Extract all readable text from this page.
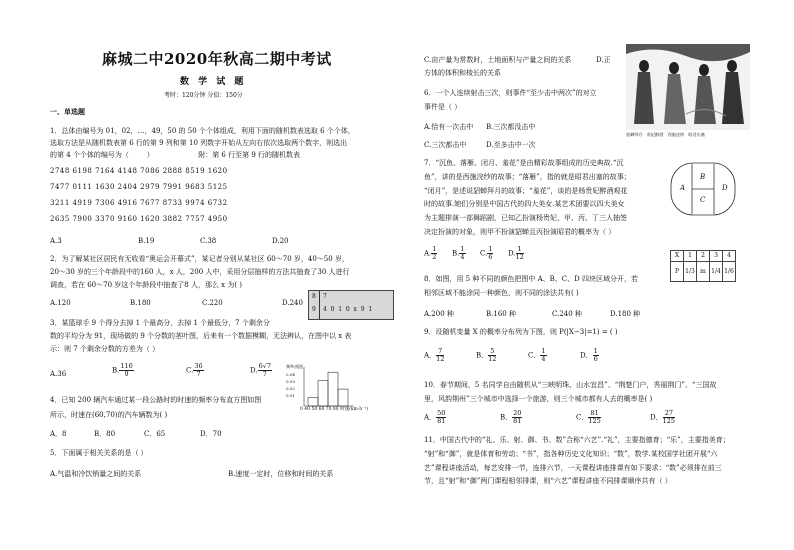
麻城二中2020年秋高二期中考试
数 学 试 题
考时：120分钟 分值：150分
一、单选题
1．总体由编号为 01，02，…，49，50 的 50 个个体组成，利用下面的随机数表选取 6 个个体，
选取方法是从随机数表第 6 行的第 9 列和第 10 列数字开始从左向右依次选取两个数字，则选出
的第 4 个个体的编号为（        ）                    附：第 6 行至第 9 行的随机数表
2748 6198 7164 4148 7086 2888 8519 1620
7477 0111 1630 2404 2979 7991 9683 5125
3211 4919 7306 4916 7677 8733 9974 6732
2635 7900 3370 9160 1620 3882 7757 4950
A.3	B.19	C.38	D.20
2．为了解某社区居民有无收看“奥运会开幕式”，某记者分别从某社区 60～70 岁，40～50 岁，
20～30 岁的三个年龄段中的160 人，x 人，200 人中，采用分层抽样的方法共抽查了30 人进行
调查，若在 60～70 岁这个年龄段中抽查了8 人，那么 x 为( )
A.120	B.180	C.220	D.240
8 7
9 4  0  1  0  x  9  1
3．某篮球手 9 个得分去掉 1 个最高分，去掉 1 个最低分，7 个剩余分
数的平均分为 91，现场做的 9 个分数的茎叶图，后来有一个数据模糊，无法辨认，在图中以 x 表
示：则 7 个剩余分数的方差为（ ）
A.36	B. $\frac{116}{9}$	C. $\frac{36}{7}$	D. $\frac{6√7}{7}$	频率/组距
0.04
0.03
0.02
0.01
0 40 50 60 70 80 时速(km·h⁻¹)
4．已知 200 辆汽车通过某一段公路时的时速的频率分布直方图如图
所示，时速在(60,70)的汽车辆数为( )
A．8	B．80	C．65	D．70
5．下面属于相关关系的是（ ）
A.气温和冷饮销量之间的关系	B.速度一定时，位移和时间的关系
C.亩产量为常数时，土地面积与产量之间的关系	D.正
方体的体积和棱长的关系
貂蝉拜月   贵妃醉酒   西施浣纱   昭君出塞
6．一个人连续射击三次，则事件“至少击中两次”的对立
事件是（ ）
A.恰有一次击中 B.三次都没击中
C.三次都击中	D.至多击中一次
7．“沉鱼、落雁、闭月、羞花”是由精彩故事组成的历史典故.“沉
鱼”，讲的是西施浣纱的故事；“落雁”，指的就是昭君出塞的故事；
“闭月”，是述说貂蝉拜月的故事；“羞花”，谈的是杨贵妃醉酒观花
时的故事.她们分别是中国古代的四大美女.某艺术团要以四大美女
为主题排演一部舞蹈剧，已知乙扮演杨贵妃，甲、丙、丁三人抽签
决定扮演的对象，则甲不扮演貂蝉且丙扮演昭君的概率为（ ）
A. $\frac{1}{2} B$. $\frac{1}{4} C$. $\frac{1}{6} D$. $\frac{1}{12}$
A
B
C
D
X	1	2	3	4
P	1/3	m	1/4	1/6
8．如图，用 5 种不同的颜色把图中 A、B、C、D 四块区域分开，若
相邻区域不能涂同一种颜色，则不同的涂法共有( )
A.200 种	B.160 种	C.240 种	D.180 种
9．设随机变量 X 的概率分布列为下图，则 P(|X−3|=1) = ( )
A． $\frac{7}{12}$	B． $\frac{5}{12}$	C． $\frac{1}{4}$	D． $\frac{1}{6}$
10．春节期间，5 名同学自由随机从“三峡明珠，山水宜昌”、“荆楚门户，秀丽荆门”、“三国故
里，风韵荆州”三个城市中选择一个旅游，则三个城市都有人去的概率是( )
A． $\frac{50}{81}$	B． $\frac{20}{81}$	C． $\frac{81}{125}$	D． $\frac{27}{125}$
11．中国古代中的“礼、乐、射、御、书、数”合称“六艺”.“礼”，主要指德育；“乐”，主要指美育；
“射”和“御”，就是体育和劳动；“书”，指各种历史文化知识；“数”，数学.某校国学社团开展“六
艺”课程讲座活动，每艺安排一节，连排六节，一天课程讲座排课有如下要求：“数”必须排在前三
节，且“射”和“御”两门课程相邻排课，则“六艺”课程讲座不同排课顺序共有（ ）
